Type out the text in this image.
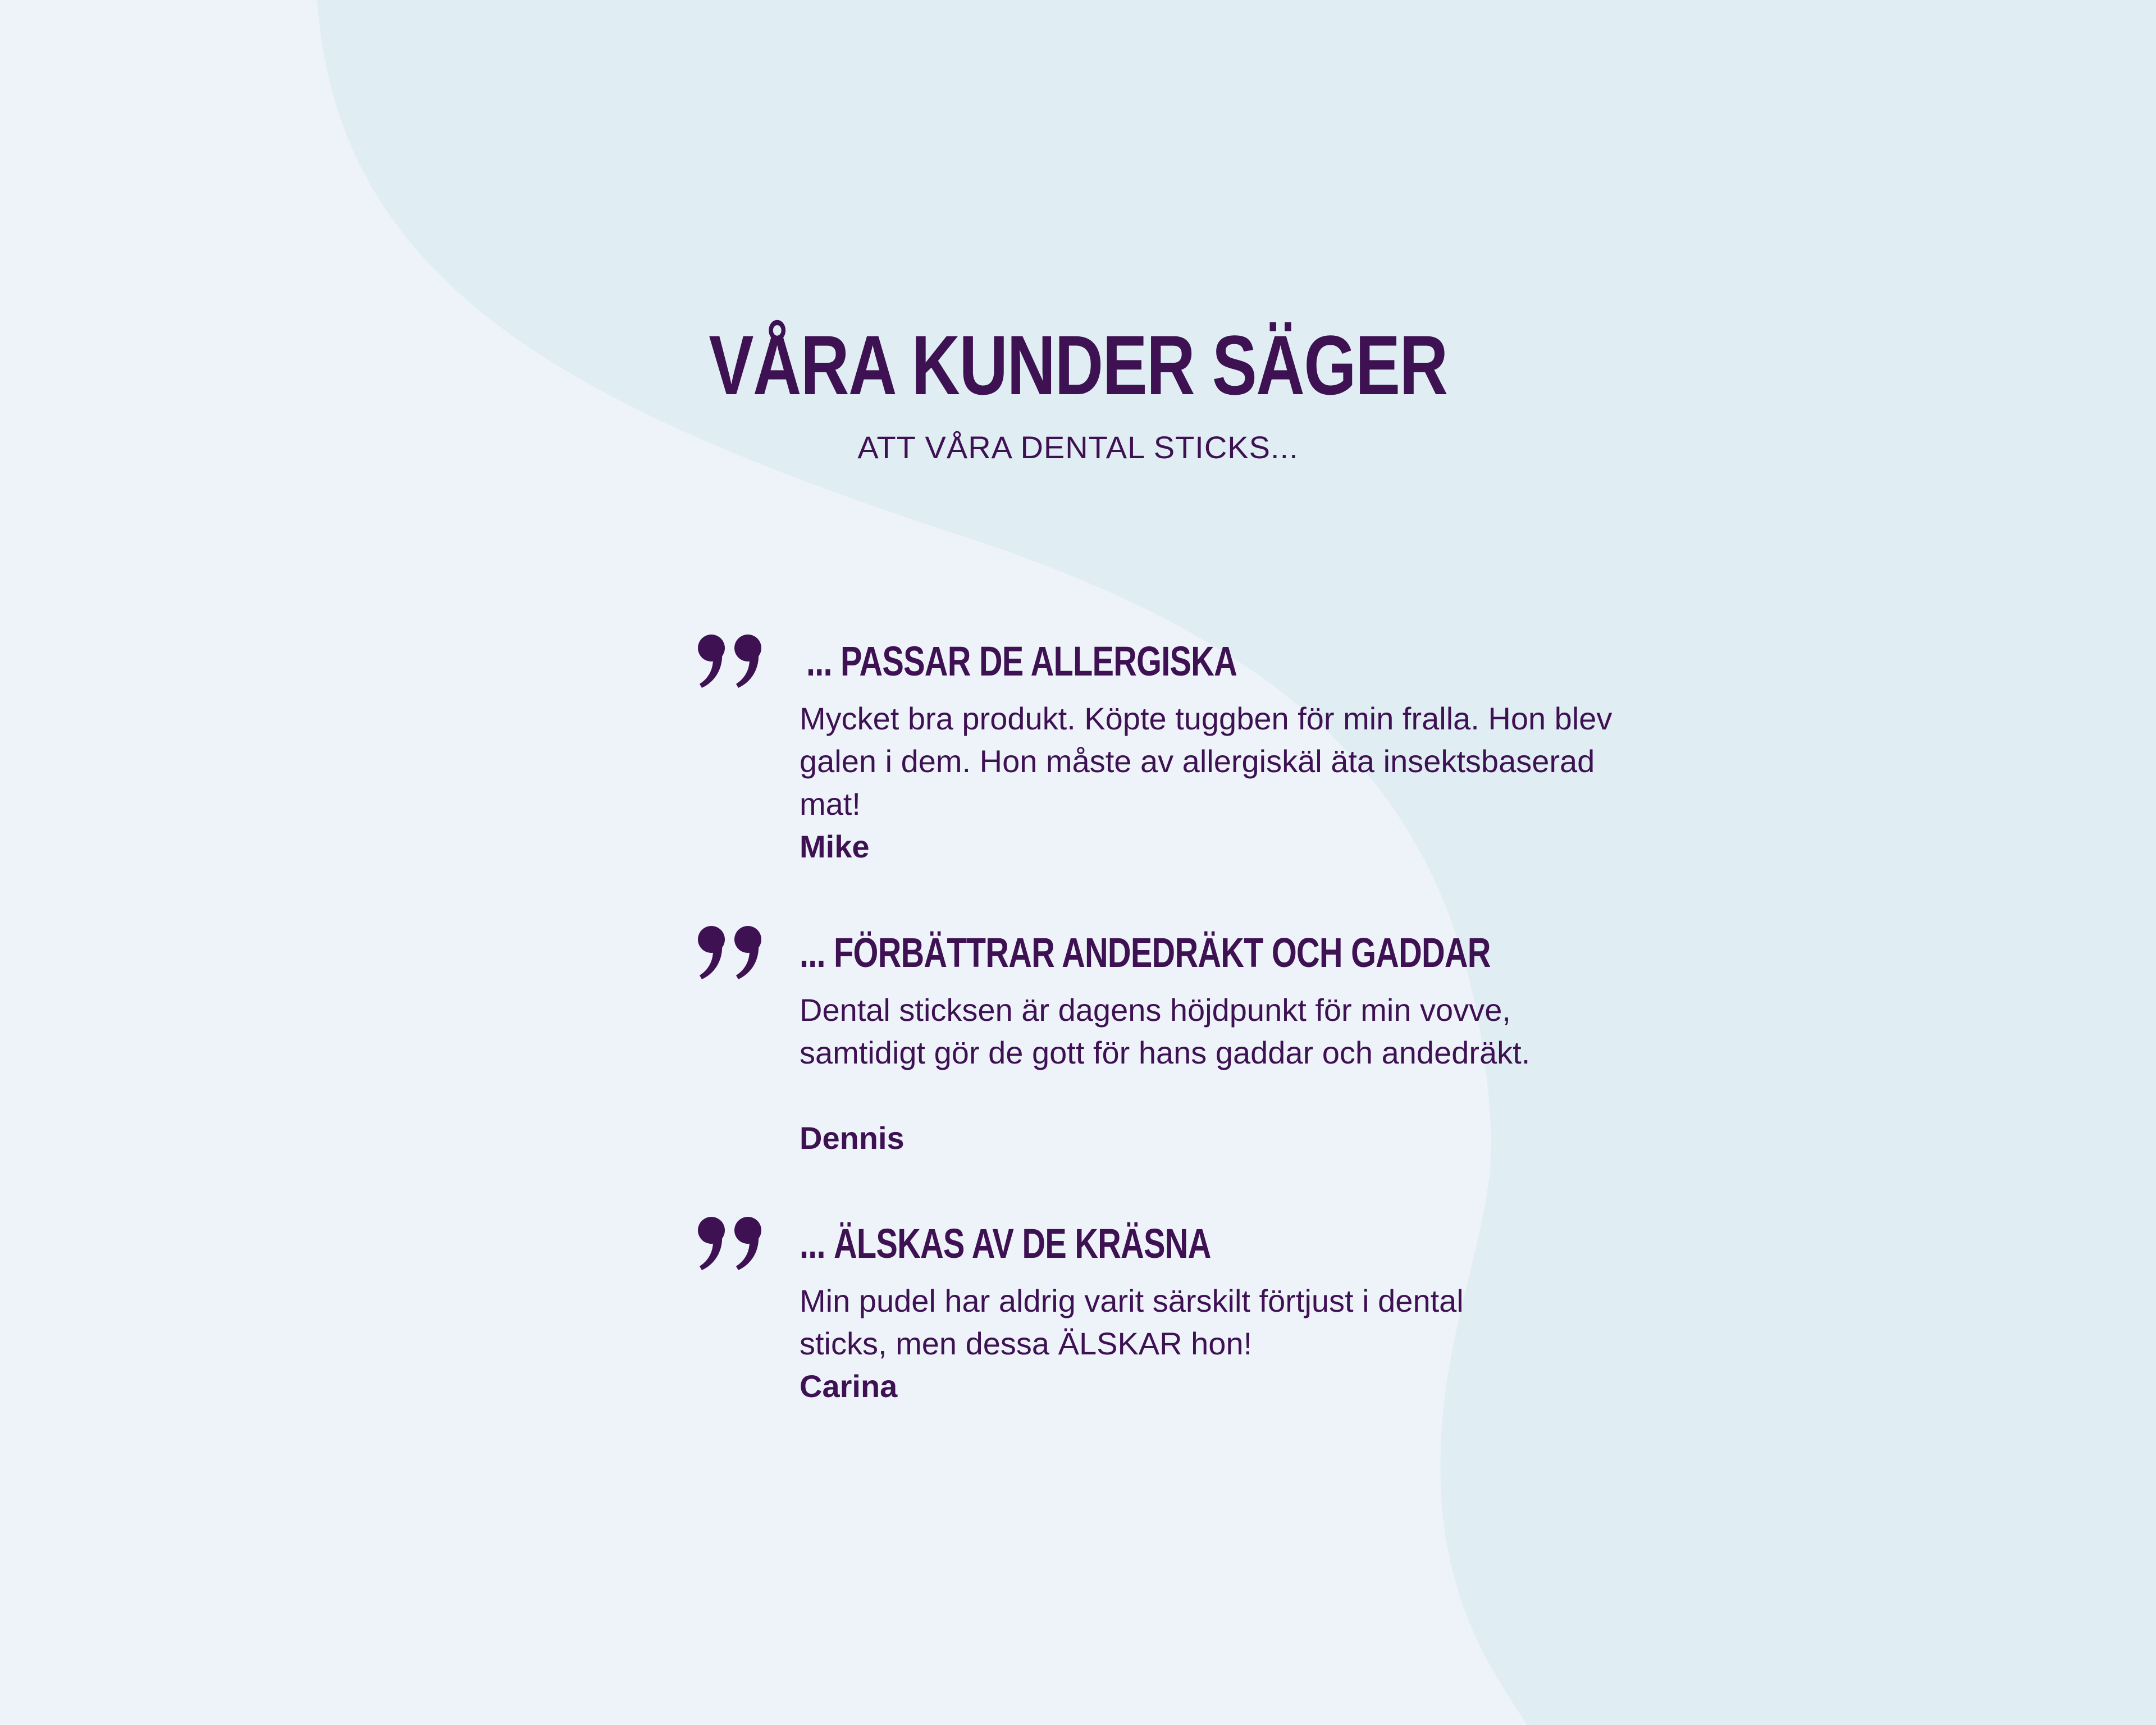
VÅRA KUNDER SÄGER
ATT VÅRA DENTAL STICKS...
... PASSAR DE ALLERGISKA
Mycket bra produkt. Köpte tuggben för min fralla. Hon blev galen i dem. Hon måste av allergiskäl äta insektsbaserad mat!
Mike
... FÖRBÄTTRAR ANDEDRÄKT OCH GADDAR
Dental sticksen är dagens höjdpunkt för min vovve, samtidigt gör de gott för hans gaddar och andedräkt.
Dennis
... ÄLSKAS AV DE KRÄSNA
Min pudel har aldrig varit särskilt förtjust i dental sticks, men dessa ÄLSKAR hon!
Carina
